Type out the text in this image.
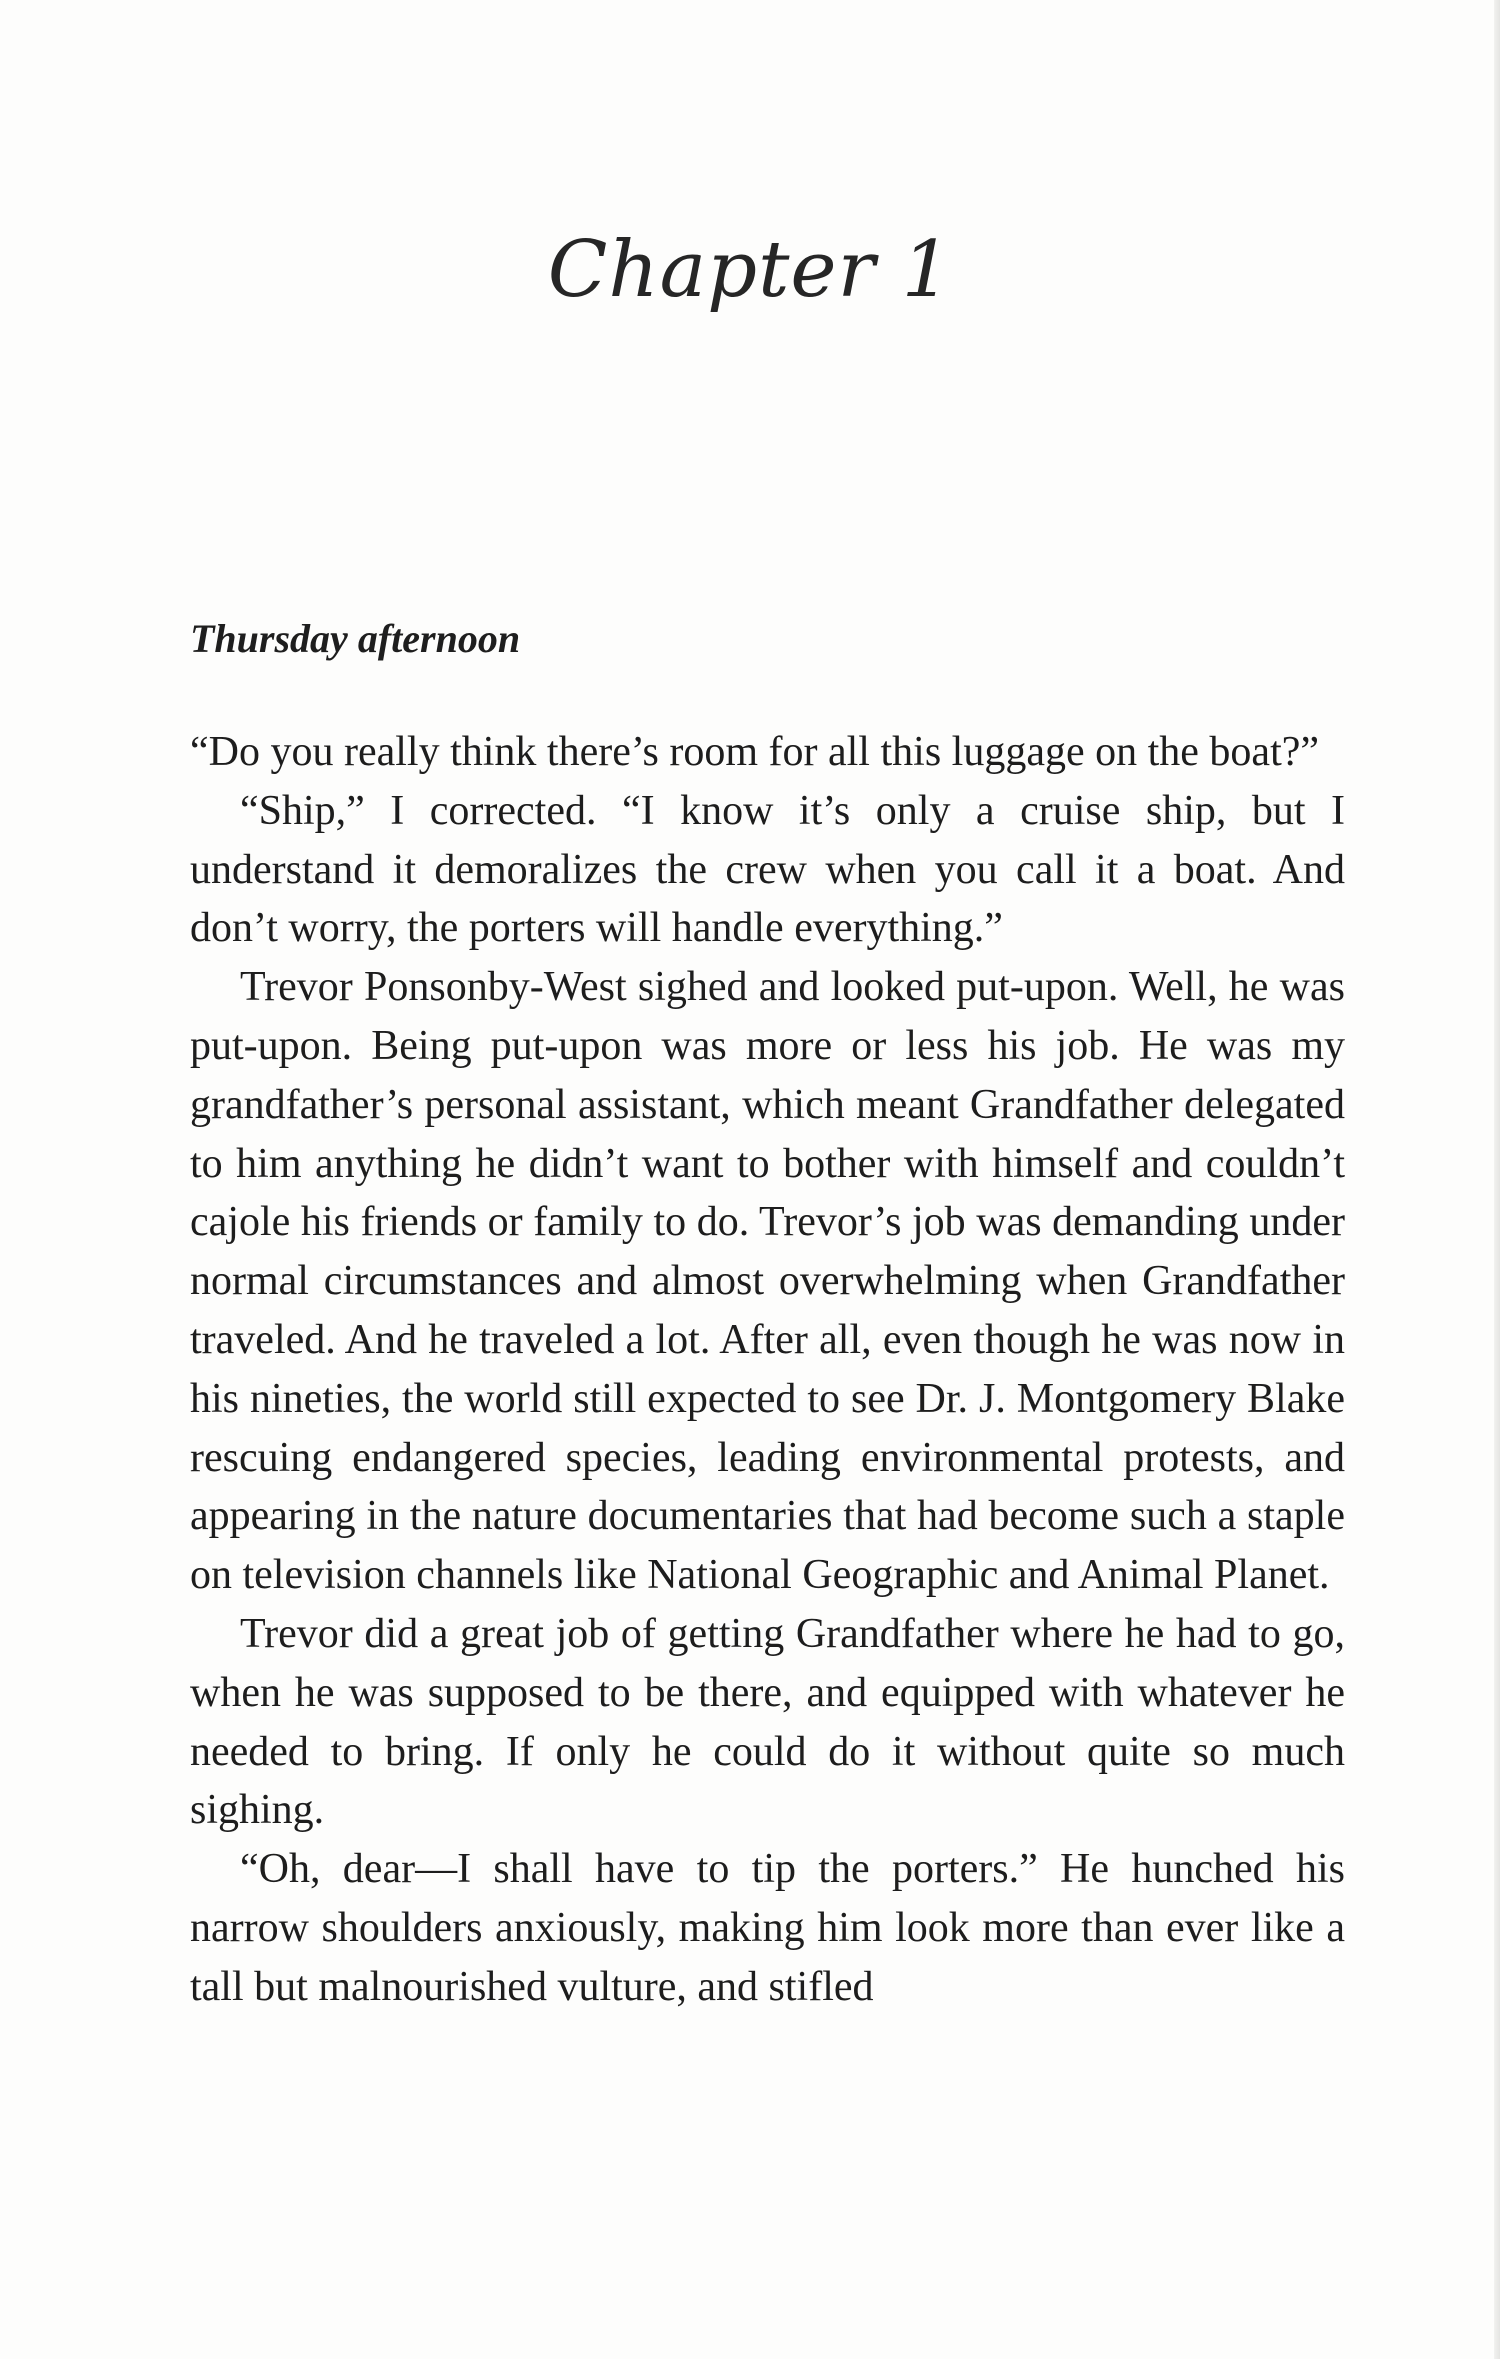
Chapter 1
Thursday afternoon

“Do you really think there’s room for all this luggage on the boat?”

“Ship,” I corrected. “I know it’s only a cruise ship, but I understand it demoralizes the crew when you call it a boat. And don’t worry, the porters will handle everything.”

Trevor Ponsonby-West sighed and looked put-upon. Well, he was put-upon. Being put-upon was more or less his job. He was my grandfather’s personal assistant, which meant Grandfather delegated to him anything he didn’t want to bother with himself and couldn’t cajole his friends or family to do. Trevor’s job was demanding under normal circumstances and almost overwhelming when Grandfather traveled. And he traveled a lot. After all, even though he was now in his nineties, the world still expected to see Dr. J. Montgomery Blake rescuing endangered species, leading environmental protests, and appearing in the nature documentaries that had become such a staple on television channels like National Geographic and Animal Planet.

Trevor did a great job of getting Grandfather where he had to go, when he was supposed to be there, and equipped with whatever he needed to bring. If only he could do it without quite so much sighing.

“Oh, dear—I shall have to tip the porters.” He hunched his narrow shoulders anxiously, making him look more than ever like a tall but malnourished vulture, and stifled
